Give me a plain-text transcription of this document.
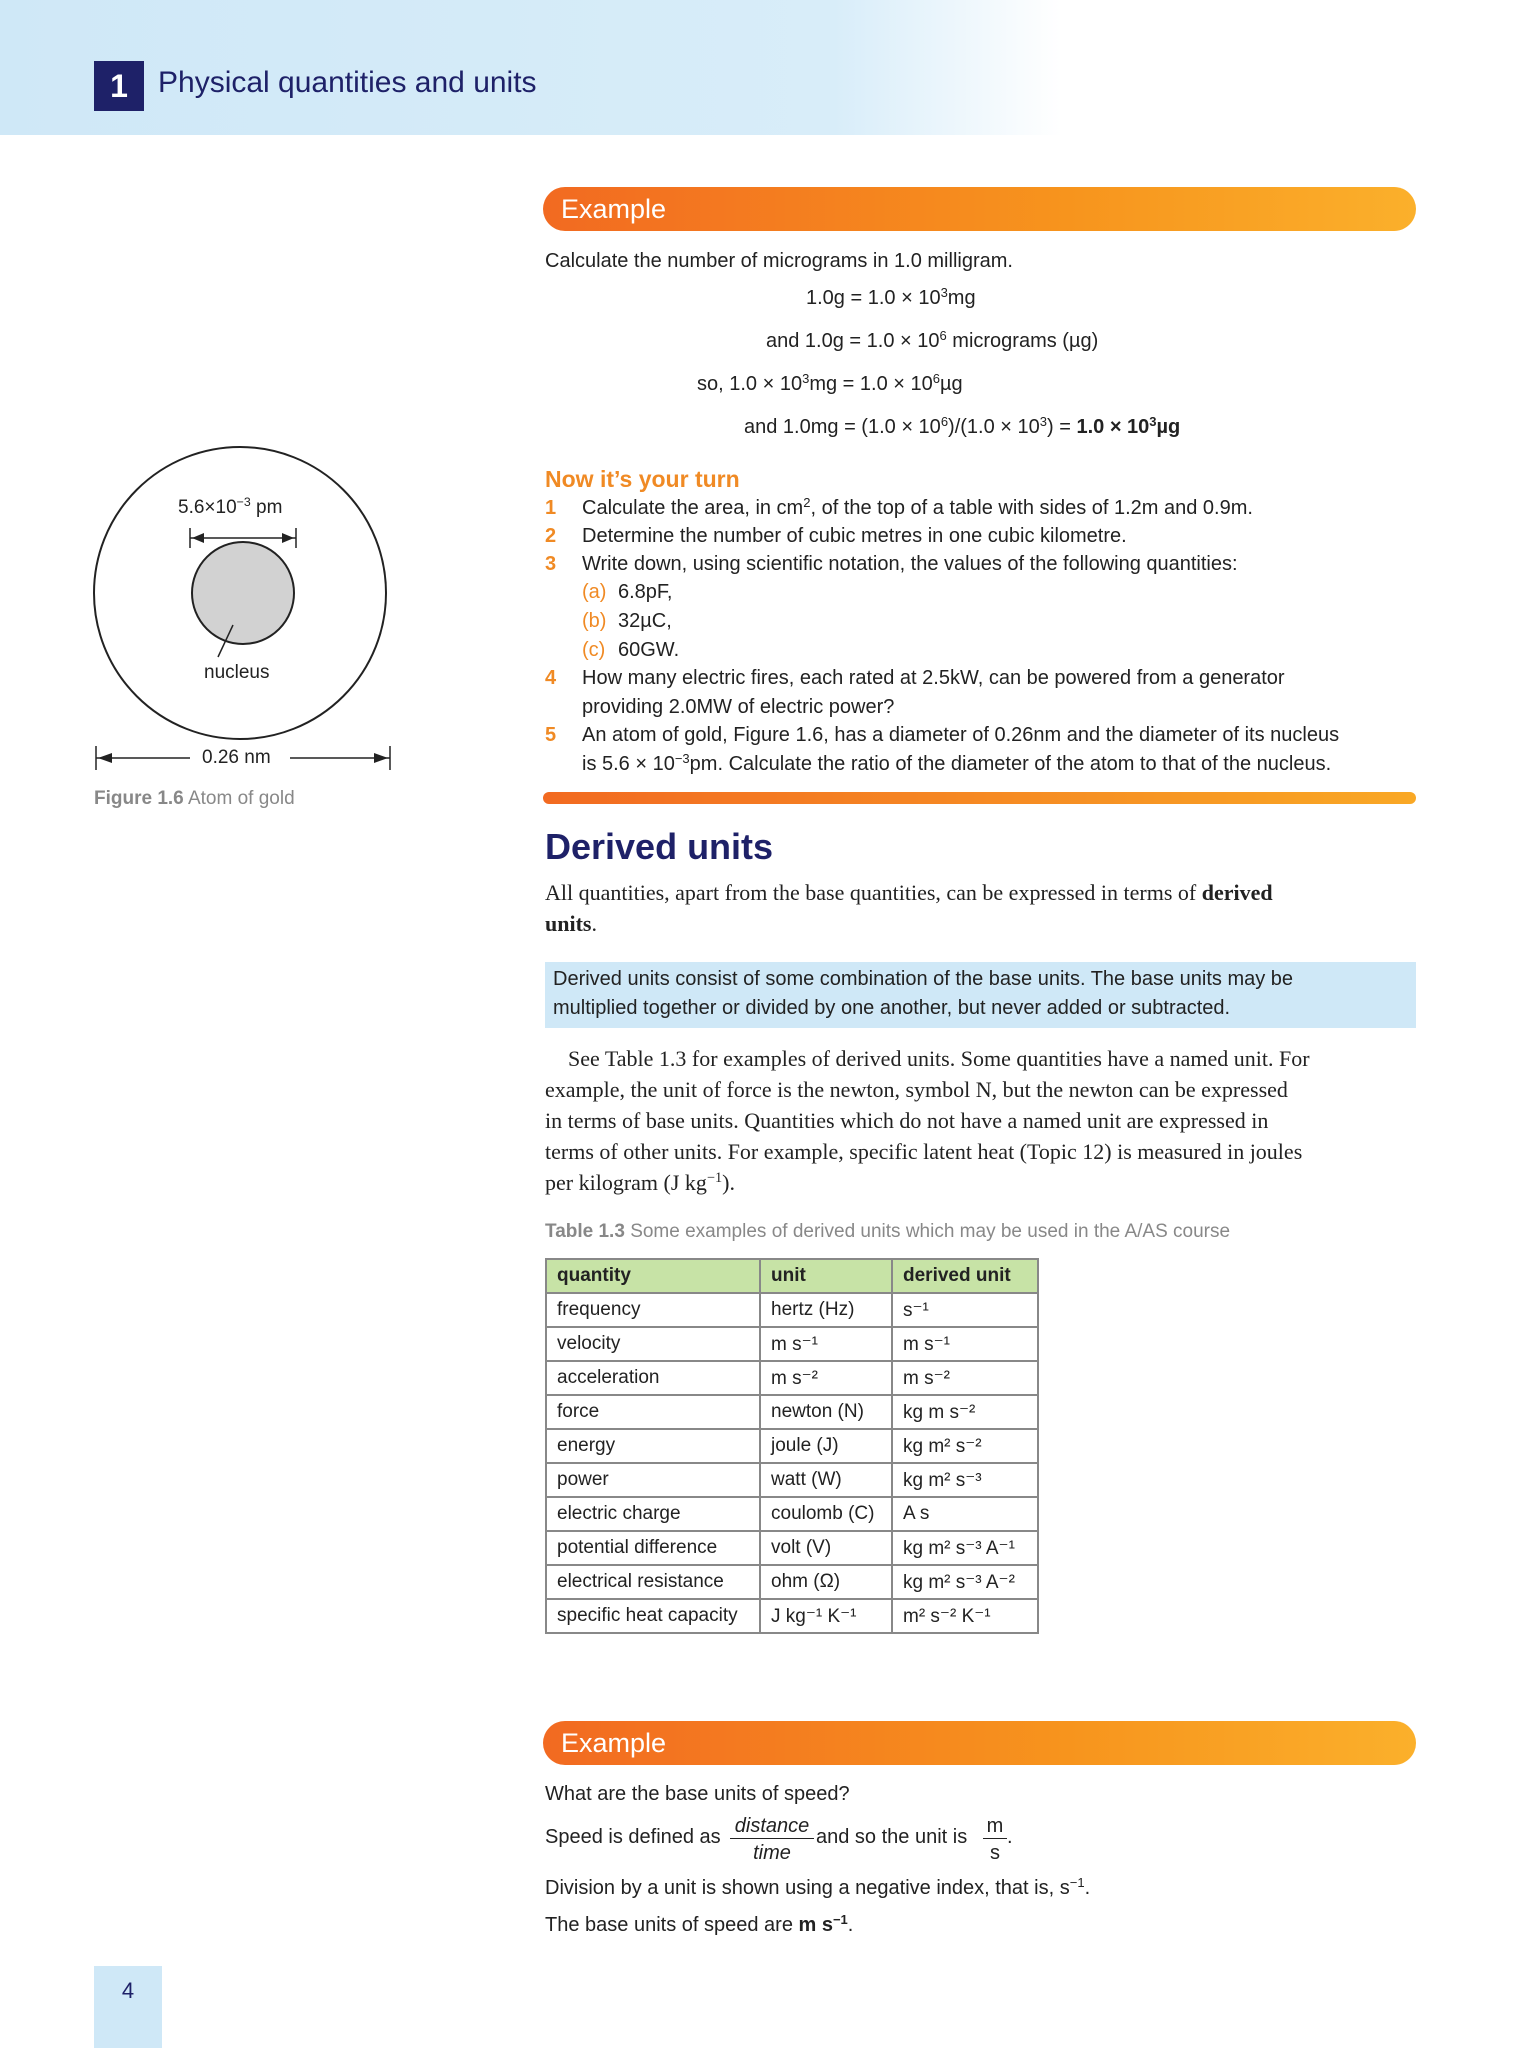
1	Physical quantities and units
$5.6\times 10^{-3}$ pm
nucleus
0.26 nm
Figure 1.6 Atom of gold
Example
Calculate the number of micrograms in 1.0 milligram.
$1.0g = 1.0 \times 10^3mg$
and $1.0g = 1.0 \times 10^6$ micrograms (µg)
so, $1.0 \times 10^3mg = 1.0 \times 10^6\mu g$
and $1.0mg = (1.0 \times 10^6)/(1.0 \times 10^3) = 1.0 \times 10^3\mu g$
Now it’s your turn
1 Calculate the area, in $cm^2$, of the top of a table with sides of 1.2m and 0.9m.
2 Determine the number of cubic metres in one cubic kilometre.
3 Write down, using scientific notation, the values of the following quantities:
(a) 6.8pF,
(b) 32µC,
(c) 60GW.
4 How many electric fires, each rated at 2.5kW, can be powered from a generator
providing 2.0MW of electric power?
5 An atom of gold, Figure 1.6, has a diameter of 0.26nm and the diameter of its nucleus
is $5.6 \times 10^{-3}pm$. Calculate the ratio of the diameter of the atom to that of the nucleus.
Derived units
All quantities, apart from the base quantities, can be expressed in terms of derived
units.
Derived units consist of some combination of the base units. The base units may be
multiplied together or divided by one another, but never added or subtracted.
See Table 1.3 for examples of derived units. Some quantities have a named unit. For
example, the unit of force is the newton, symbol N, but the newton can be expressed
in terms of base units. Quantities which do not have a named unit are expressed in
terms of other units. For example, specific latent heat (Topic 12) is measured in joules
per kilogram (J $kg^{-1}$).
Table 1.3 Some examples of derived units which may be used in the A/AS course
quantity	unit	derived unit
frequency	hertz (Hz)	s⁻¹
velocity	m s⁻¹	m s⁻¹
acceleration	m s⁻²	m s⁻²
force	newton (N)	kg m s⁻²
energy	joule (J)	kg m² s⁻²
power	watt (W)	kg m² s⁻³
electric charge	coulomb (C)	A s
potential difference	volt (V)	kg m² s⁻³ A⁻¹
electrical resistance	ohm (Ω)	kg m² s⁻³ A⁻²
specific heat capacity	J kg⁻¹ K⁻¹	m² s⁻² K⁻¹
Example
What are the base units of speed?
Speed is defined as distance
time
and so the unit is m
s
.
Division by a unit is shown using a negative index, that is, $s^{-1}$.
The base units of speed are m $s^{-1}$.
4
